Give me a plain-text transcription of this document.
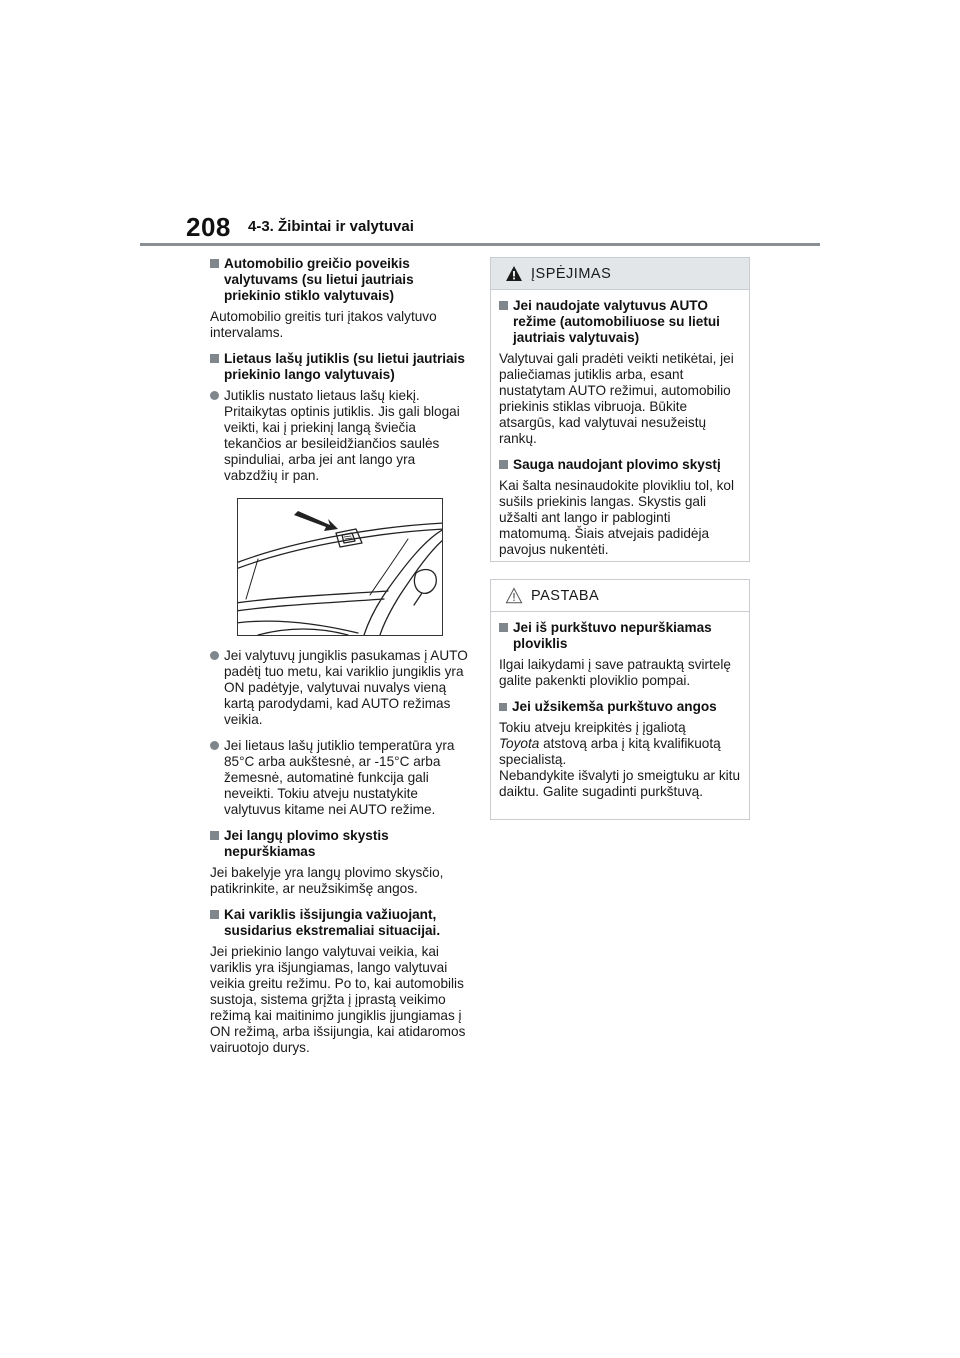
208 4-3. Žibintai ir valytuvai
Automobilio greičio poveikis valytuvams (su lietui jautriais priekinio stiklo valytuvais)

Automobilio greitis turi įtakos valytuvo intervalams.

Lietaus lašų jutiklis (su lietui jautriais priekinio lango valytuvais)
Jutiklis nustato lietaus lašų kiekį. Pritaikytas optinis jutiklis. Jis gali blogai veikti, kai į priekinį langą šviečia tekančios ar besileidžiančios saulės spinduliai, arba jei ant lango yra vabzdžių ir pan.
Jei valytuvų jungiklis pasukamas į AUTO padėtį tuo metu, kai variklio jungiklis yra ON padėtyje, valytuvai nuvalys vieną kartą parodydami, kad AUTO režimas veikia.
Jei lietaus lašų jutiklio temperatūra yra 85°C arba aukštesnė, ar -15°C arba žemesnė, automatinė funkcija gali neveikti. Tokiu atveju nustatykite valytuvus kitame nei AUTO režime.
Jei langų plovimo skystis nepurškiamas

Jei bakelyje yra langų plovimo skysčio, patikrinkite, ar neužsikimšę angos.

Kai variklis išsijungia važiuojant, susidarius ekstremaliai situacijai.

Jei priekinio lango valytuvai veikia, kai variklis yra išjungiamas, lango valytuvai veikia greitu režimu. Po to, kai automobilis sustoja, sistema grįžta į įprastą veikimo režimą kai maitinimo jungiklis įjungiamas į ON režimą, arba išsijungia, kai atidaromos vairuotojo durys.

ĮSPĖJIMAS
Jei naudojate valytuvus AUTO režime (automobiliuose su lietui jautriais valytuvais)

Valytuvai gali pradėti veikti netikėtai, jei paliečiamas jutiklis arba, esant nustatytam AUTO režimui, automobilio priekinis stiklas vibruoja. Būkite atsargūs, kad valytuvai nesužeistų rankų.

Sauga naudojant plovimo skystį

Kai šalta nesinaudokite plovikliu tol, kol sušils priekinis langas. Skystis gali užšalti ant lango ir pabloginti matomumą. Šiais atvejais padidėja pavojus nukentėti.

PASTABA
Jei iš purkštuvo nepurškiamas ploviklis

Ilgai laikydami į save patrauktą svirtelę galite pakenkti ploviklio pompai.

Jei užsikemša purkštuvo angos

Tokiu atveju kreipkitės į įgaliotą
Toyota atstovą arba į kitą kvalifikuotą specialistą.
Nebandykite išvalyti jo smeigtuku ar kitu daiktu. Galite sugadinti purkštuvą.
